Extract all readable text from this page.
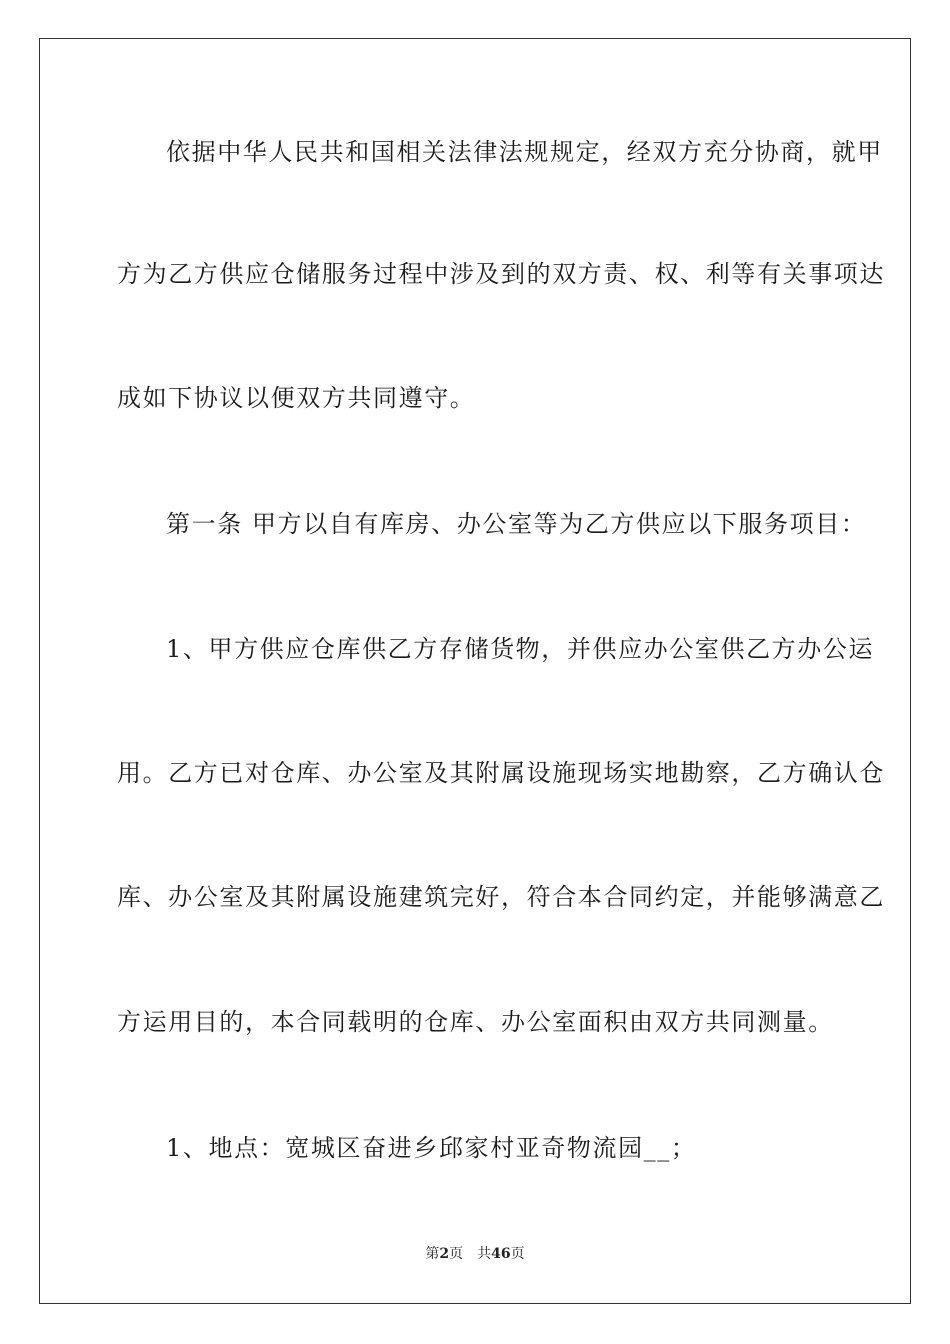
依据中华人民共和国相关法律法规规定，经双方充分协商，就甲
方为乙方供应仓储服务过程中涉及到的双方责、权、利等有关事项达
成如下协议以便双方共同遵守。
第一条 甲方以自有库房、办公室等为乙方供应以下服务项目：
1、甲方供应仓库供乙方存储货物，并供应办公室供乙方办公运
用。乙方已对仓库、办公室及其附属设施现场实地勘察，乙方确认仓
库、办公室及其附属设施建筑完好，符合本合同约定，并能够满意乙
方运用目的，本合同载明的仓库、办公室面积由双方共同测量。
1、地点：宽城区奋进乡邱家村亚奇物流园__；
第2页 共46页
